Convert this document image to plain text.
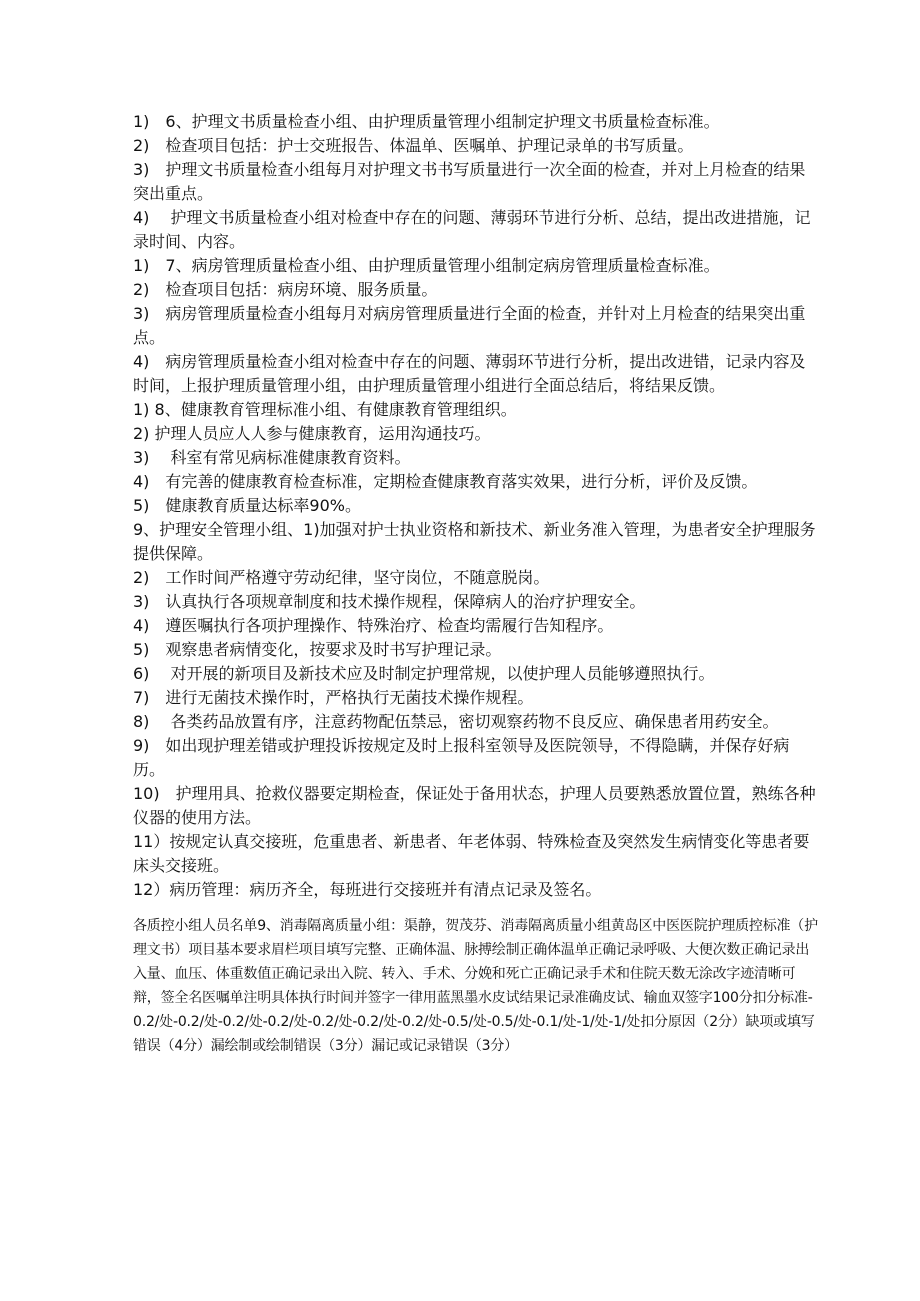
1)　6、护理文书质量检查小组、由护理质量管理小组制定护理文书质量检查标准。

2)　检查项目包括：护士交班报告、体温单、医嘱单、护理记录单的书写质量。

3)　护理文书质量检查小组每月对护理文书书写质量进行一次全面的检查，并对上月检查的结果突出重点。

4)　 护理文书质量检查小组对检查中存在的问题、薄弱环节进行分析、总结，提出改进措施，记录时间、内容。

1)　7、病房管理质量检查小组、由护理质量管理小组制定病房管理质量检查标准。

2)　检查项目包括：病房环境、服务质量。

3)　病房管理质量检查小组每月对病房管理质量进行全面的检查，并针对上月检查的结果突出重点。

4)　病房管理质量检查小组对检查中存在的问题、薄弱环节进行分析，提出改进错，记录内容及时间，上报护理质量管理小组，由护理质量管理小组进行全面总结后，将结果反馈。

1) 8、健康教育管理标准小组、有健康教育管理组织。

2) 护理人员应人人参与健康教育，运用沟通技巧。

3)　 科室有常见病标准健康教育资料。

4)　有完善的健康教育检查标准，定期检查健康教育落实效果，进行分析，评价及反馈。

5)　健康教育质量达标率90%。

9、护理安全管理小组、1)加强对护士执业资格和新技术、新业务准入管理，为患者安全护理服务提供保障。

2)　工作时间严格遵守劳动纪律，坚守岗位，不随意脱岗。

3)　认真执行各项规章制度和技术操作规程，保障病人的治疗护理安全。

4)　遵医嘱执行各项护理操作、特殊治疗、检查均需履行告知程序。

5)　观察患者病情变化，按要求及时书写护理记录。

6)　 对开展的新项目及新技术应及时制定护理常规，以使护理人员能够遵照执行。

7)　进行无菌技术操作时，严格执行无菌技术操作规程。

8)　 各类药品放置有序，注意药物配伍禁忌，密切观察药物不良反应、确保患者用药安全。

9)　如出现护理差错或护理投诉按规定及时上报科室领导及医院领导，不得隐瞒，并保存好病历。

10)　护理用具、抢救仪器要定期检查，保证处于备用状态，护理人员要熟悉放置位置，熟练各种仪器的使用方法。

11）按规定认真交接班，危重患者、新患者、年老体弱、特殊检查及突然发生病情变化等患者要床头交接班。

12）病历管理：病历齐全，每班进行交接班并有清点记录及签名。

各质控小组人员名单9、消毒隔离质量小组：渠静，贺茂芬、消毒隔离质量小组黄岛区中医医院护理质控标准（护理文书）项目基本要求眉栏项目填写完整、正确体温、脉搏绘制正确体温单正确记录呼吸、大便次数正确记录出入量、血压、体重数值正确记录出入院、转入、手术、分娩和死亡正确记录手术和住院天数无涂改字迹清晰可辩，签全名医嘱单注明具体执行时间并签字一律用蓝黑墨水皮试结果记录准确皮试、输血双签字100分扣分标准-0.2/处-0.2/处-0.2/处-0.2/处-0.2/处-0.2/处-0.2/处-0.5/处-0.5/处-0.1/处-1/处-1/处扣分原因（2分）缺项或填写错误（4分）漏绘制或绘制错误（3分）漏记或记录错误（3分）
